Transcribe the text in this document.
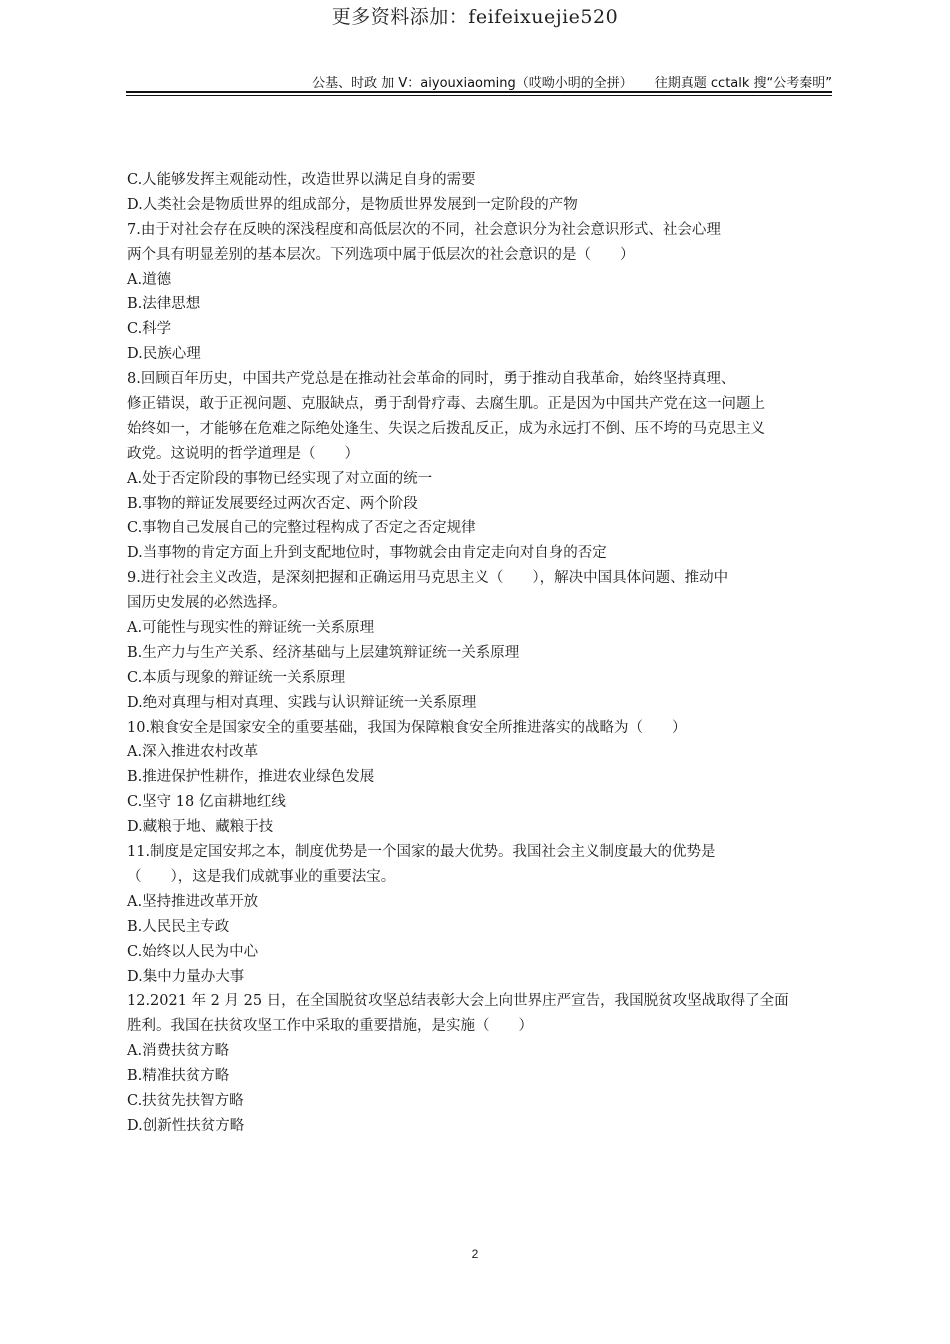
更多资料添加：feifeixuejie520
公基、时政 加 V：aiyouxiaoming（哎呦小明的全拼） 往期真题 cctalk 搜“公考秦明”
C.人能够发挥主观能动性，改造世界以满足自身的需要
D.人类社会是物质世界的组成部分，是物质世界发展到一定阶段的产物
7.由于对社会存在反映的深浅程度和高低层次的不同，社会意识分为社会意识形式、社会心理
两个具有明显差别的基本层次。下列选项中属于低层次的社会意识的是（　　）
A.道德
B.法律思想
C.科学
D.民族心理
8.回顾百年历史，中国共产党总是在推动社会革命的同时，勇于推动自我革命，始终坚持真理、
修正错误，敢于正视问题、克服缺点，勇于刮骨疗毒、去腐生肌。正是因为中国共产党在这一问题上
始终如一，才能够在危难之际绝处逢生、失误之后拨乱反正，成为永远打不倒、压不垮的马克思主义
政党。这说明的哲学道理是（　　）
A.处于否定阶段的事物已经实现了对立面的统一
B.事物的辩证发展要经过两次否定、两个阶段
C.事物自己发展自己的完整过程构成了否定之否定规律
D.当事物的肯定方面上升到支配地位时，事物就会由肯定走向对自身的否定
9.进行社会主义改造，是深刻把握和正确运用马克思主义（　　），解决中国具体问题、推动中
国历史发展的必然选择。
A.可能性与现实性的辩证统一关系原理
B.生产力与生产关系、经济基础与上层建筑辩证统一关系原理
C.本质与现象的辩证统一关系原理
D.绝对真理与相对真理、实践与认识辩证统一关系原理
10.粮食安全是国家安全的重要基础，我国为保障粮食安全所推进落实的战略为（　　）
A.深入推进农村改革
B.推进保护性耕作，推进农业绿色发展
C.坚守 18 亿亩耕地红线
D.藏粮于地、藏粮于技
11.制度是定国安邦之本，制度优势是一个国家的最大优势。我国社会主义制度最大的优势是
（　　），这是我们成就事业的重要法宝。
A.坚持推进改革开放
B.人民民主专政
C.始终以人民为中心
D.集中力量办大事
12.2021 年 2 月 25 日，在全国脱贫攻坚总结表彰大会上向世界庄严宣告，我国脱贫攻坚战取得了全面
胜利。我国在扶贫攻坚工作中采取的重要措施，是实施（　　）
A.消费扶贫方略
B.精准扶贫方略
C.扶贫先扶智方略
D.创新性扶贫方略
2
